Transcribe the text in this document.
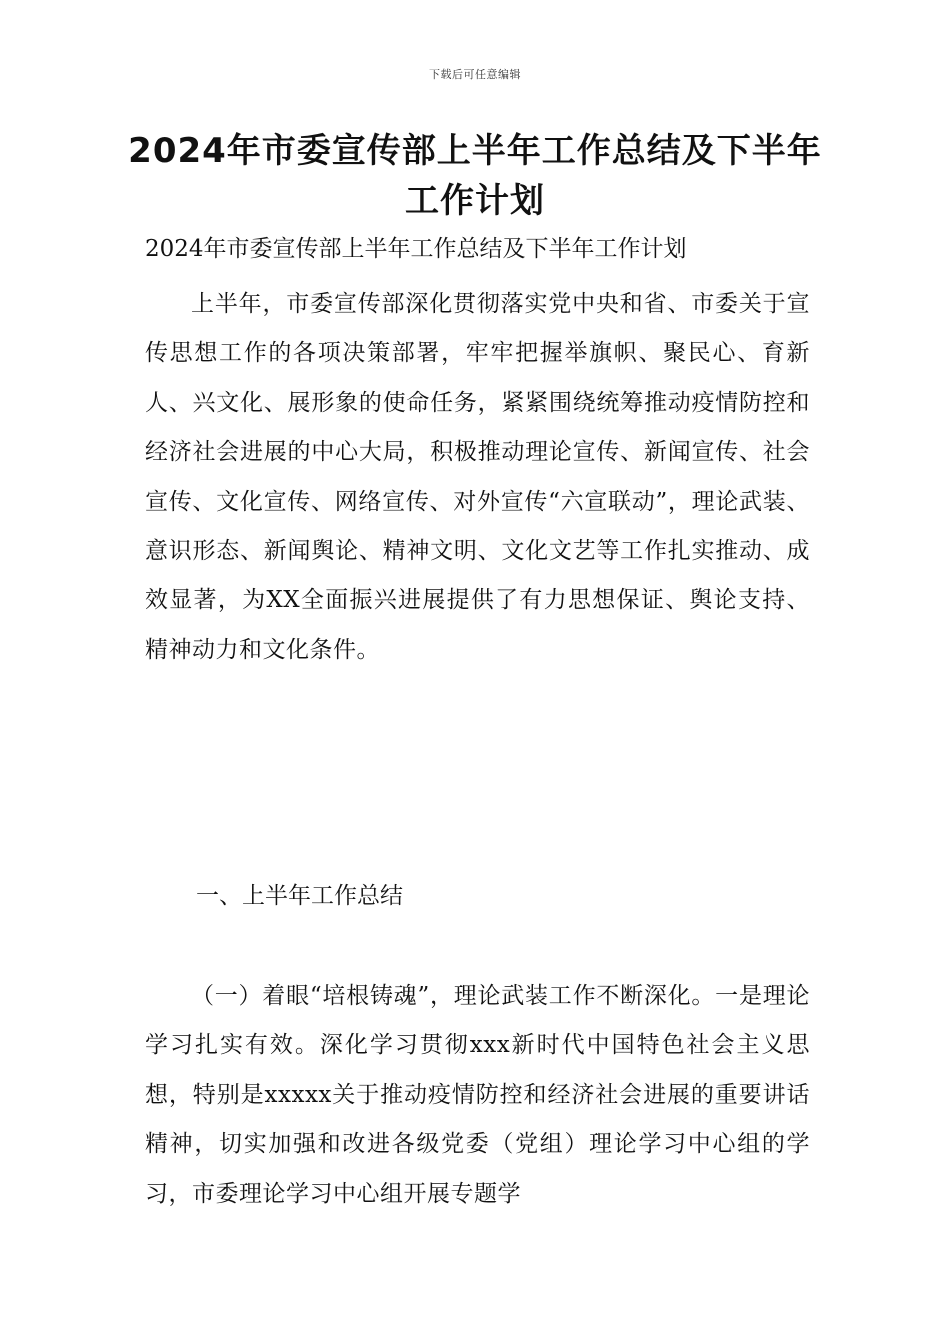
下载后可任意编辑
2024年市委宣传部上半年工作总结及下半年工作计划
2024年市委宣传部上半年工作总结及下半年工作计划

上半年，市委宣传部深化贯彻落实党中央和省、市委关于宣传思想工作的各项决策部署，牢牢把握举旗帜、聚民心、育新人、兴文化、展形象的使命任务，紧紧围绕统筹推动疫情防控和经济社会进展的中心大局，积极推动理论宣传、新闻宣传、社会宣传、文化宣传、网络宣传、对外宣传“六宣联动”，理论武装、意识形态、新闻舆论、精神文明、文化文艺等工作扎实推动、成效显著，为XX全面振兴进展提供了有力思想保证、舆论支持、精神动力和文化条件。

一、上半年工作总结

（一）着眼“培根铸魂”，理论武装工作不断深化。一是理论学习扎实有效。深化学习贯彻xxx新时代中国特色社会主义思想，特别是xxxxx关于推动疫情防控和经济社会进展的重要讲话精神，切实加强和改进各级党委（党组）理论学习中心组的学习，市委理论学习中心组开展专题学
